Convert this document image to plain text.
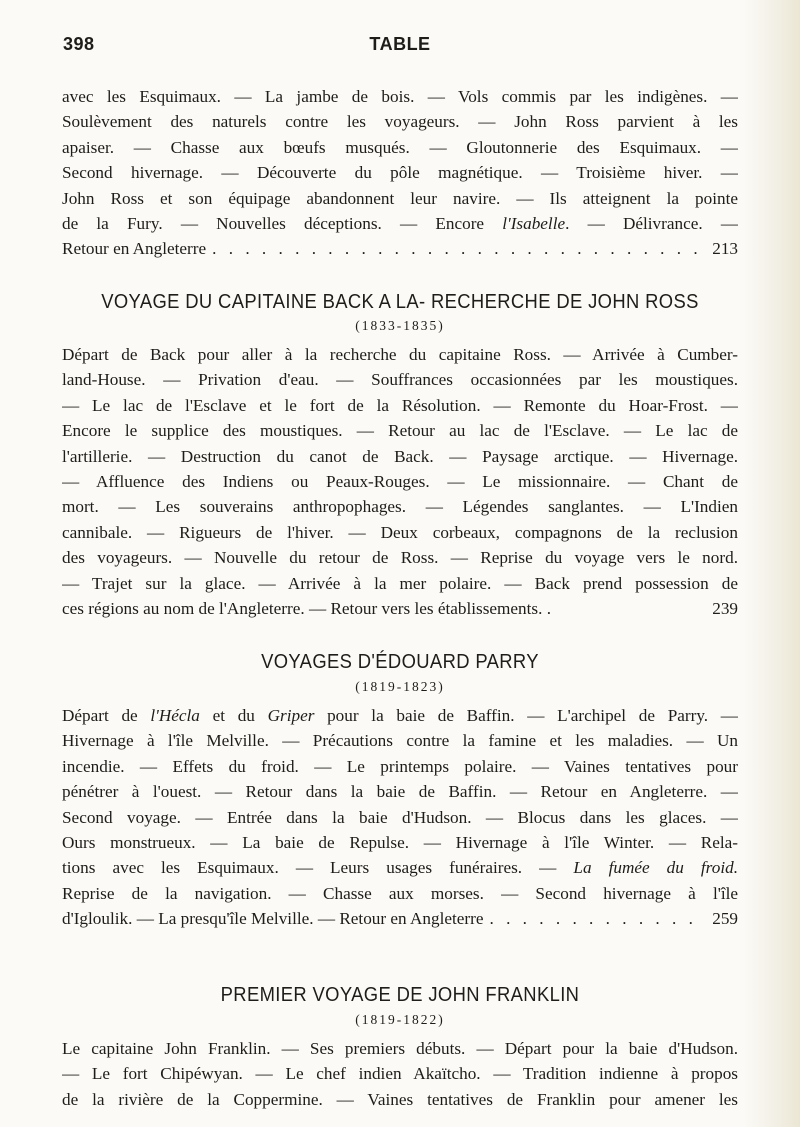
398	TABLE
avec les Esquimaux. — La jambe de bois. — Vols commis par les indigènes. —
Soulèvement des naturels contre les voyageurs. — John Ross parvient à les
apaiser. — Chasse aux bœufs musqués. — Gloutonnerie des Esquimaux. —
Second hivernage. — Découverte du pôle magnétique. — Troisième hiver. —
John Ross et son équipage abandonnent leur navire. — Ils atteignent la pointe
de la Fury. — Nouvelles déceptions. — Encore l'Isabelle. — Délivrance. —
Retour en Angleterre . . .	213
VOYAGE DU CAPITAINE BACK A LA- RECHERCHE DE JOHN ROSS
(1833-1835)
Départ de Back pour aller à la recherche du capitaine Ross. — Arrivée à Cumber-
land-House. — Privation d'eau. — Souffrances occasionnées par les moustiques.
— Le lac de l'Esclave et le fort de la Résolution. — Remonte du Hoar-Frost. —
Encore le supplice des moustiques. — Retour au lac de l'Esclave. — Le lac de
l'artillerie. — Destruction du canot de Back. — Paysage arctique. — Hivernage.
— Affluence des Indiens ou Peaux-Rouges. — Le missionnaire. — Chant de
mort. — Les souverains anthropophages. — Légendes sanglantes. — L'Indien
cannibale. — Rigueurs de l'hiver. — Deux corbeaux, compagnons de la reclusion
des voyageurs. — Nouvelle du retour de Ross. — Reprise du voyage vers le nord.
— Trajet sur la glace. — Arrivée à la mer polaire. — Back prend possession de
ces régions au nom de l'Angleterre. — Retour vers les établissements. .	239
VOYAGES D'ÉDOUARD PARRY
(1819-1823)
Départ de l'Hécla et du Griper pour la baie de Baffin. — L'archipel de Parry. —
Hivernage à l'île Melville. — Précautions contre la famine et les maladies. — Un
incendie. — Effets du froid. — Le printemps polaire. — Vaines tentatives pour
pénétrer à l'ouest. — Retour dans la baie de Baffin. — Retour en Angleterre. —
Second voyage. — Entrée dans la baie d'Hudson. — Blocus dans les glaces. —
Ours monstrueux. — La baie de Repulse. — Hivernage à l'île Winter. — Rela-
tions avec les Esquimaux. — Leurs usages funéraires. — La fumée du froid.
Reprise de la navigation. — Chasse aux morses. — Second hivernage à l'île
d'Igloulik. — La presqu'île Melville. — Retour en Angleterre . . .	259
PREMIER VOYAGE DE JOHN FRANKLIN
(1819-1822)
Le capitaine John Franklin. — Ses premiers débuts. — Départ pour la baie d'Hudson.
— Le fort Chipéwyan. — Le chef indien Akaïtcho. — Tradition indienne à propos
de la rivière de la Coppermine. — Vaines tentatives de Franklin pour amener les
